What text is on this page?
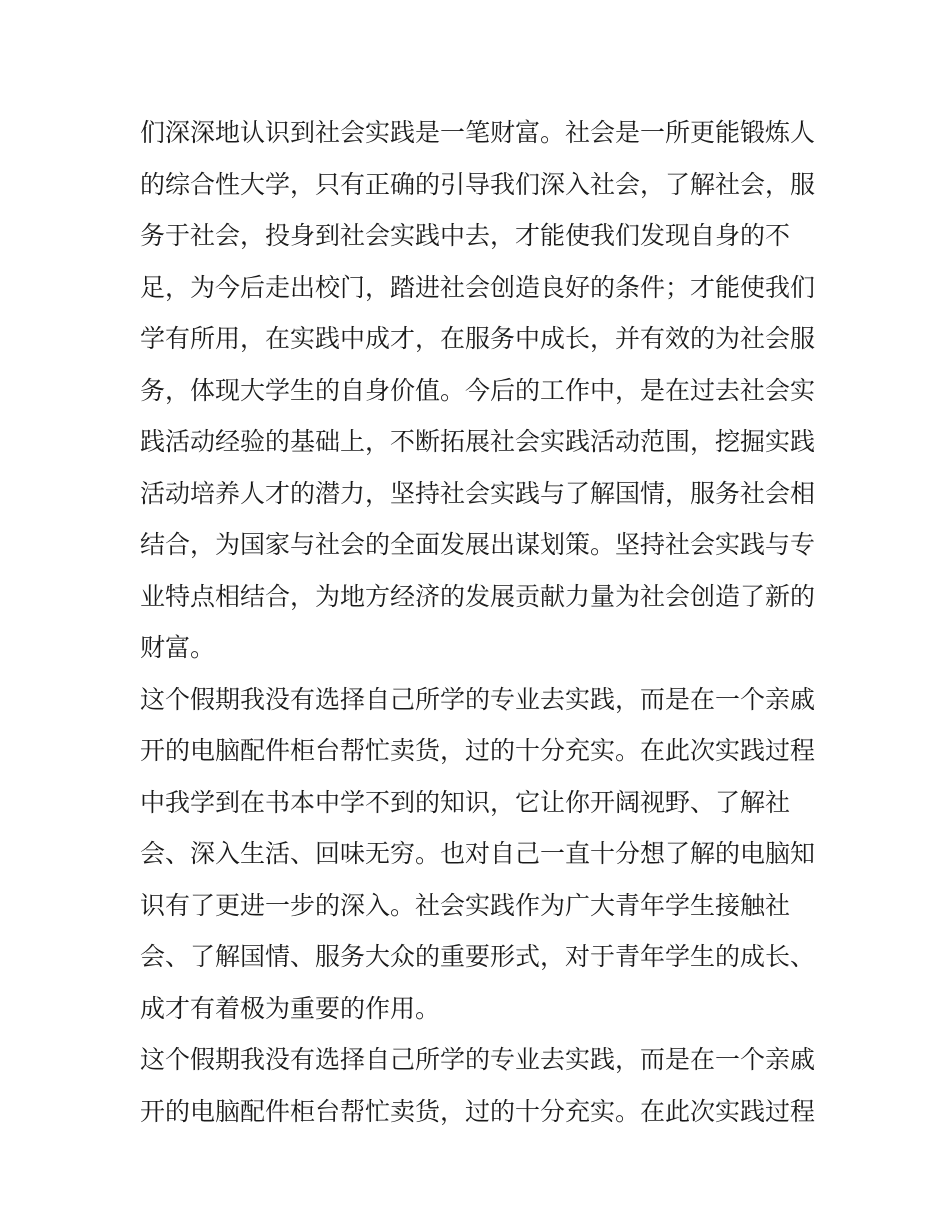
们深深地认识到社会实践是一笔财富。社会是一所更能锻炼人
的综合性大学，只有正确的引导我们深入社会，了解社会，服
务于社会，投身到社会实践中去，才能使我们发现自身的不
足，为今后走出校门，踏进社会创造良好的条件；才能使我们
学有所用，在实践中成才，在服务中成长，并有效的为社会服
务，体现大学生的自身价值。今后的工作中，是在过去社会实
践活动经验的基础上，不断拓展社会实践活动范围，挖掘实践
活动培养人才的潜力，坚持社会实践与了解国情，服务社会相
结合，为国家与社会的全面发展出谋划策。坚持社会实践与专
业特点相结合，为地方经济的发展贡献力量为社会创造了新的
财富。
这个假期我没有选择自己所学的专业去实践，而是在一个亲戚
开的电脑配件柜台帮忙卖货，过的十分充实。在此次实践过程
中我学到在书本中学不到的知识，它让你开阔视野、了解社
会、深入生活、回味无穷。也对自己一直十分想了解的电脑知
识有了更进一步的深入。社会实践作为广大青年学生接触社
会、了解国情、服务大众的重要形式，对于青年学生的成长、
成才有着极为重要的作用。
这个假期我没有选择自己所学的专业去实践，而是在一个亲戚
开的电脑配件柜台帮忙卖货，过的十分充实。在此次实践过程
